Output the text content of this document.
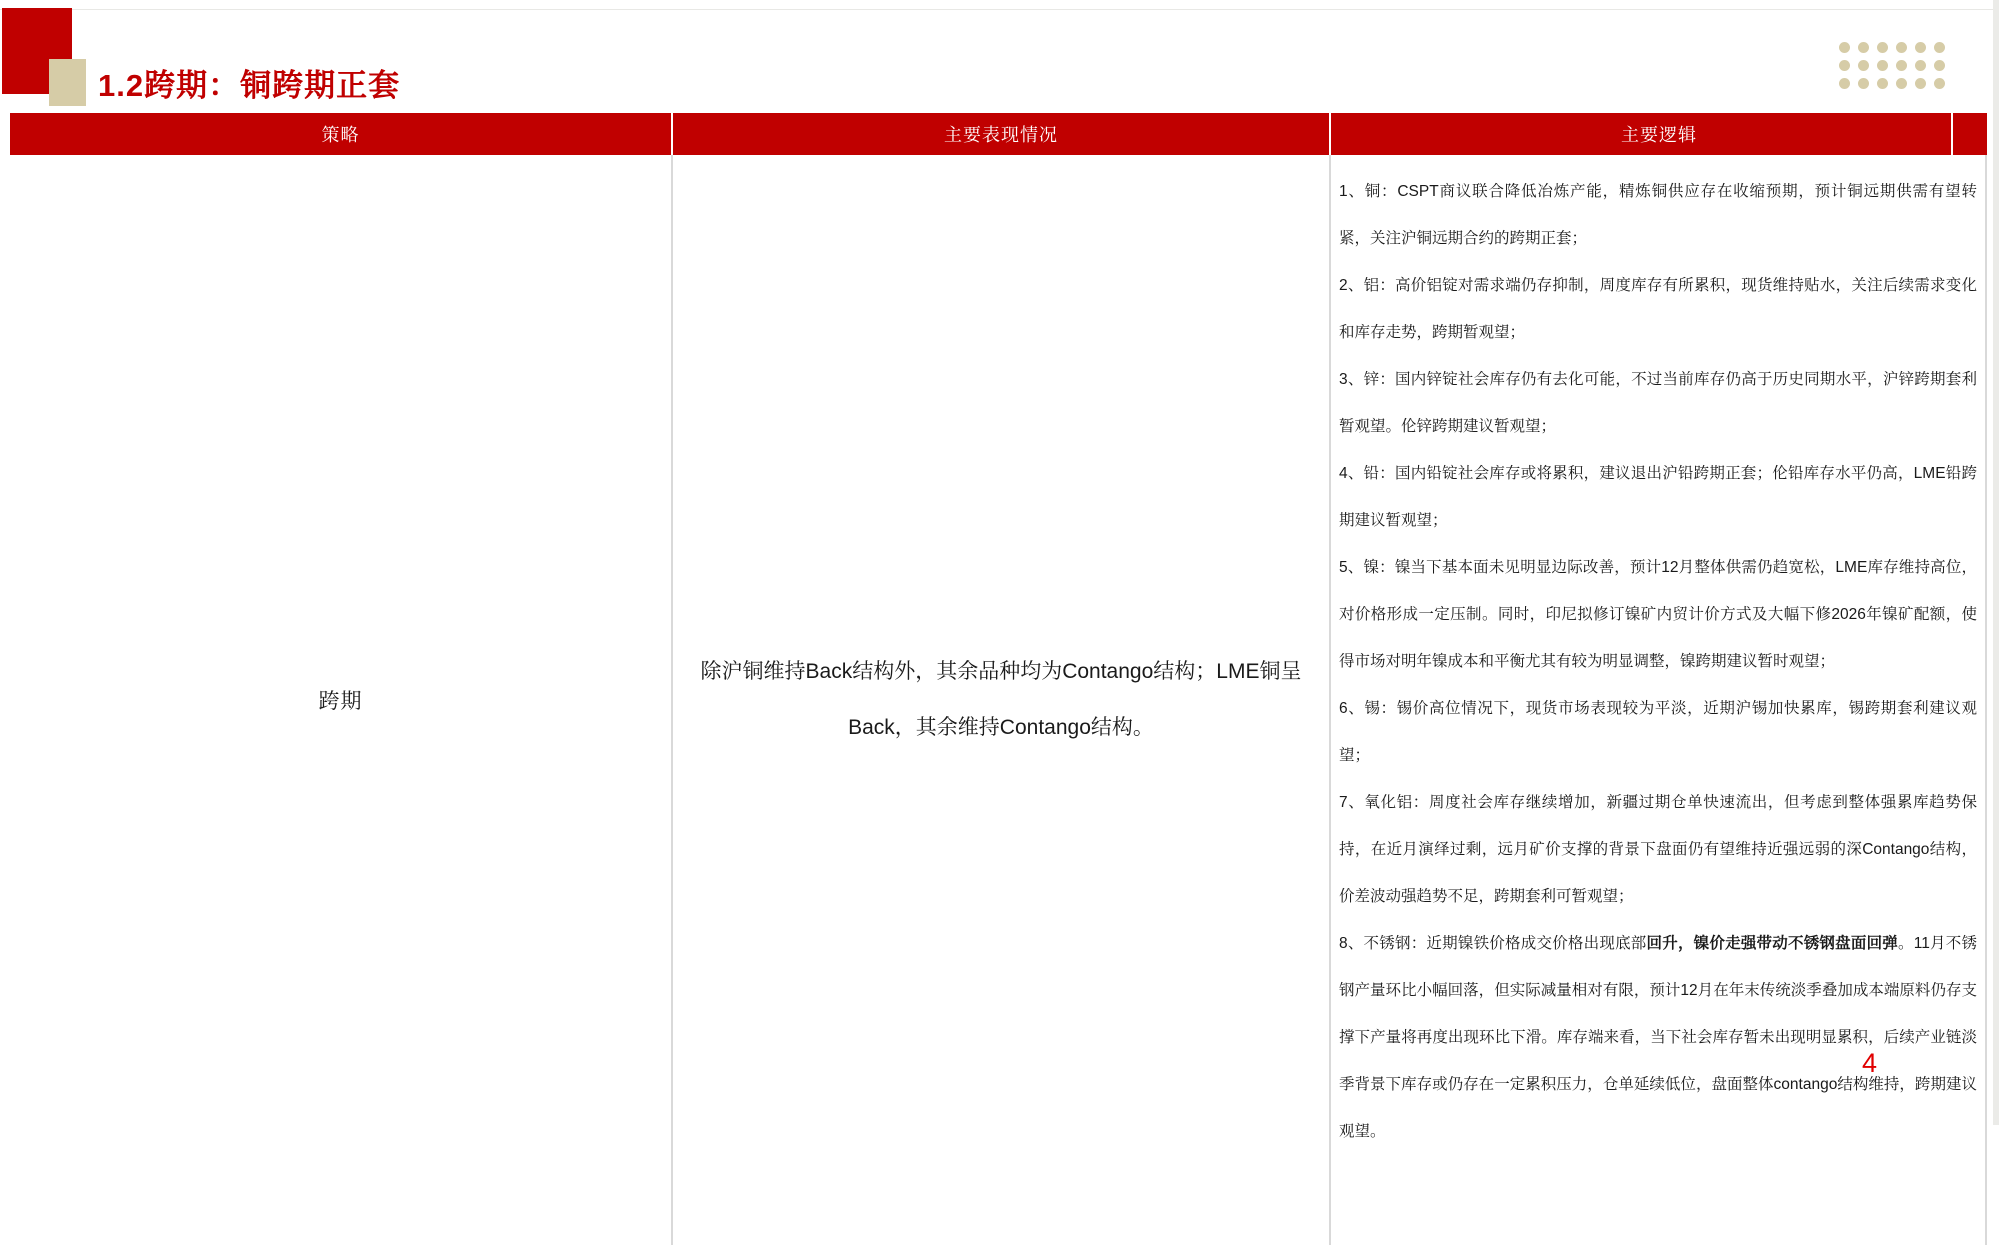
1.2跨期：铜跨期正套
策略	主要表现情况	主要逻辑
跨期
除沪铜维持Back结构外，其余品种均为Contango结构；LME铜呈
Back，其余维持Contango结构。
1、铜：CSPT商议联合降低冶炼产能，精炼铜供应存在收缩预期，预计铜远期供需有望转紧，关注沪铜远期合约的跨期正套；
2、铝：高价铝锭对需求端仍存抑制，周度库存有所累积，现货维持贴水，关注后续需求变化和库存走势，跨期暂观望；
3、锌：国内锌锭社会库存仍有去化可能，不过当前库存仍高于历史同期水平，沪锌跨期套利暂观望。伦锌跨期建议暂观望；
4、铅：国内铅锭社会库存或将累积，建议退出沪铅跨期正套；伦铅库存水平仍高，LME铅跨期建议暂观望；
5、镍：镍当下基本面未见明显边际改善，预计12月整体供需仍趋宽松，LME库存维持高位，对价格形成一定压制。同时，印尼拟修订镍矿内贸计价方式及大幅下修2026年镍矿配额，使得市场对明年镍成本和平衡尤其有较为明显调整，镍跨期建议暂时观望；
6、锡：锡价高位情况下，现货市场表现较为平淡，近期沪锡加快累库，锡跨期套利建议观望；
7、氧化铝：周度社会库存继续增加，新疆过期仓单快速流出，但考虑到整体强累库趋势保持，在近月演绎过剩，远月矿价支撑的背景下盘面仍有望维持近强远弱的深Contango结构，价差波动强趋势不足，跨期套利可暂观望；
8、不锈钢：近期镍铁价格成交价格出现底部回升，镍价走强带动不锈钢盘面回弹。11月不锈钢产量环比小幅回落，但实际减量相对有限，预计12月在年末传统淡季叠加成本端原料仍存支撑下产量将再度出现环比下滑。库存端来看，当下社会库存暂未出现明显累积，后续产业链淡季背景下库存或仍存在一定累积压力，仓单延续低位，盘面整体contango结构维持，跨期建议观望。
4
